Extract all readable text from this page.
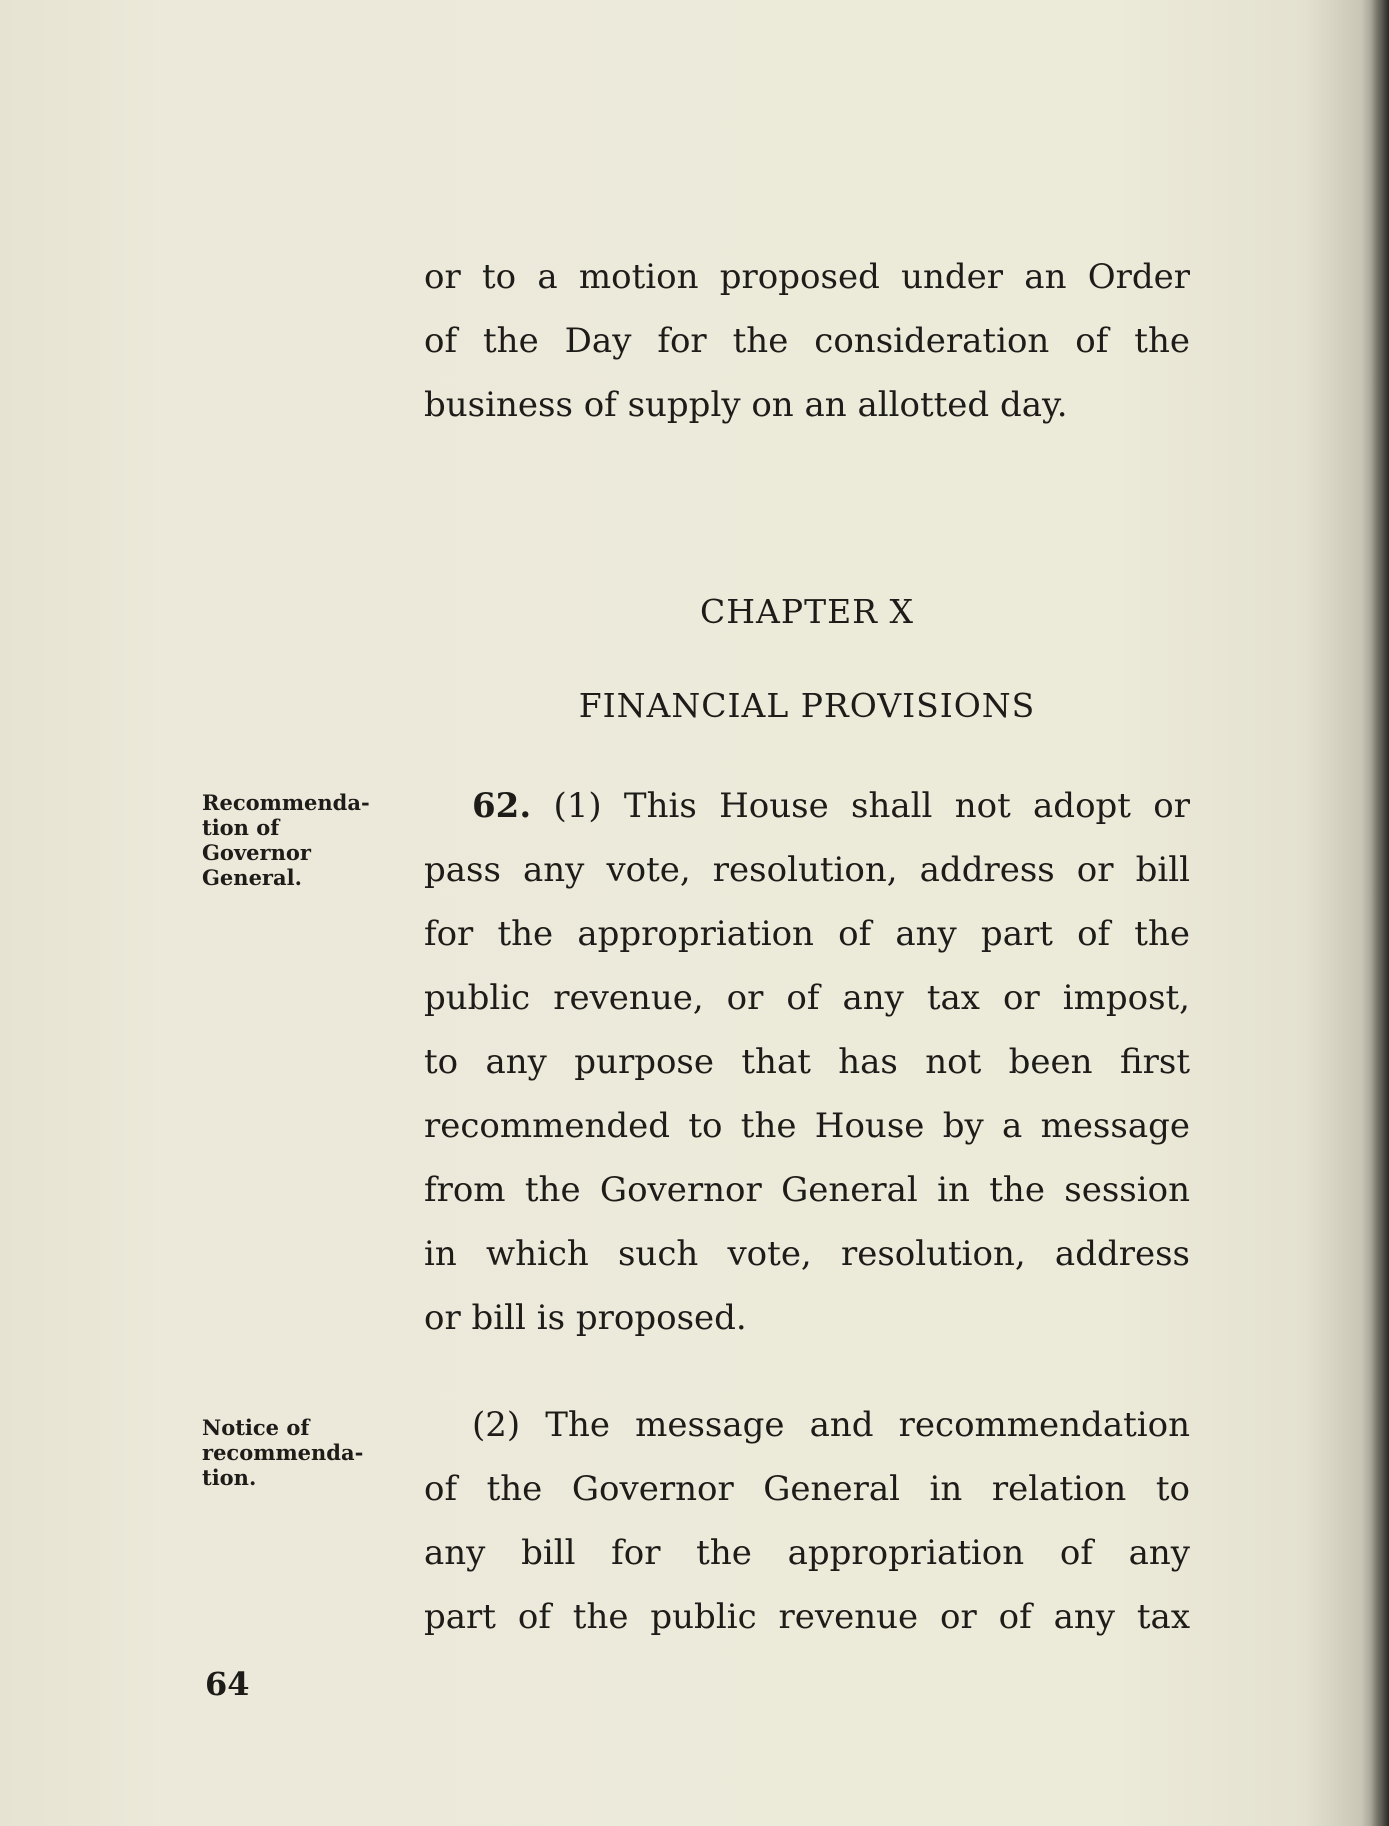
or to a motion proposed under an Order
of the Day for the consideration of the
business of supply on an allotted day.
CHAPTER X
FINANCIAL PROVISIONS
Recommenda-
tion of
Governor
General.
62. (1) This House shall not adopt or
pass any vote, resolution, address or bill
for the appropriation of any part of the
public revenue, or of any tax or impost,
to any purpose that has not been first
recommended to the House by a message
from the Governor General in the session
in which such vote, resolution, address
or bill is proposed.
Notice of
recommenda-
tion.
(2) The message and recommendation
of the Governor General in relation to
any bill for the appropriation of any
part of the public revenue or of any tax
64
